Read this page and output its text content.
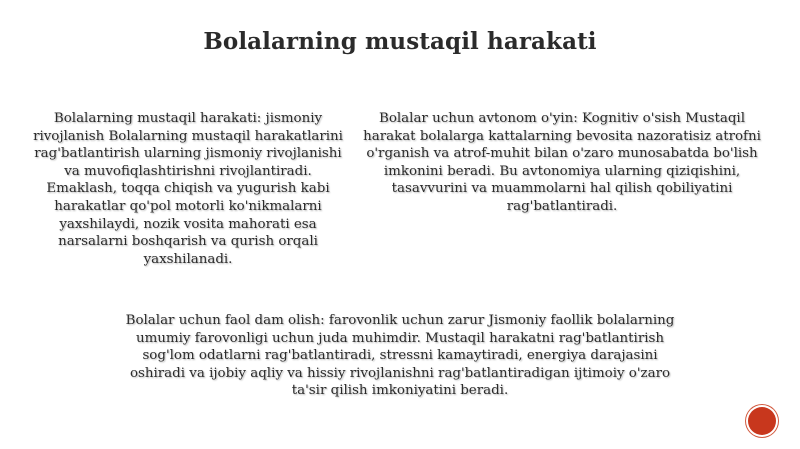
Bolalarning mustaqil harakati
Bolalarning mustaqil harakati: jismoniy rivojlanish Bolalarning mustaqil harakatlarini rag'batlantirish ularning jismoniy rivojlanishi va muvofiqlashtirishni rivojlantiradi. Emaklash, toqqa chiqish va yugurish kabi harakatlar qo'pol motorli ko'nikmalarni yaxshilaydi, nozik vosita mahorati esa narsalarni boshqarish va qurish orqali yaxshilanadi.
Bolalar uchun avtonom o'yin: Kognitiv o'sish Mustaqil harakat bolalarga kattalarning bevosita nazoratisiz atrofni o'rganish va atrof-muhit bilan o'zaro munosabatda bo'lish imkonini beradi. Bu avtonomiya ularning qiziqishini, tasavvurini va muammolarni hal qilish qobiliyatini rag'batlantiradi.
Bolalar uchun faol dam olish: farovonlik uchun zarur Jismoniy faollik bolalarning umumiy farovonligi uchun juda muhimdir. Mustaqil harakatni rag'batlantirish sog'lom odatlarni rag'batlantiradi, stressni kamaytiradi, energiya darajasini oshiradi va ijobiy aqliy va hissiy rivojlanishni rag'batlantiradigan ijtimoiy o'zaro ta'sir qilish imkoniyatini beradi.
